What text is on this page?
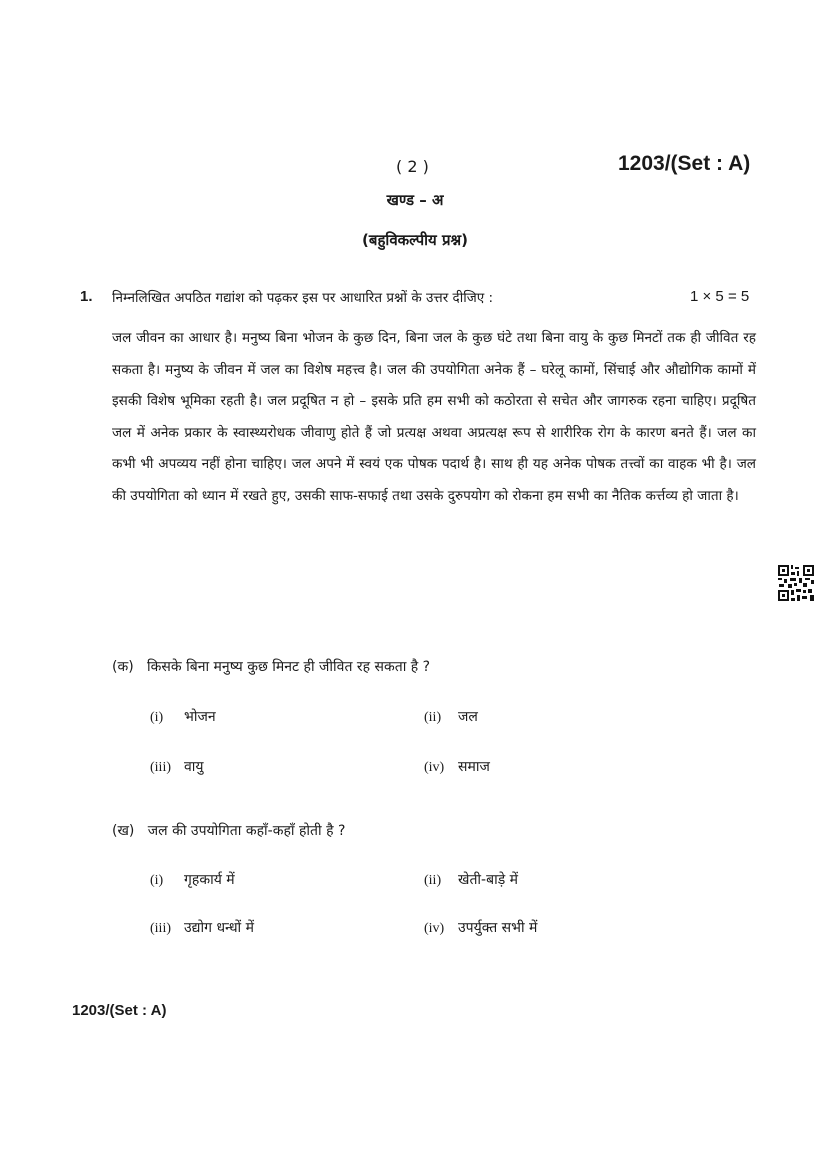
( 2 )	1203/(Set : A)
खण्ड – अ
(बहुविकल्पीय प्रश्न)
1. निम्नलिखित अपठित गद्यांश को पढ़कर इस पर आधारित प्रश्नों के उत्तर दीजिए :	1 × 5 = 5
जल जीवन का आधार है। मनुष्य बिना भोजन के कुछ दिन, बिना जल के कुछ घंटे तथा बिना वायु के कुछ मिनटों तक ही जीवित रह सकता है। मनुष्य के जीवन में जल का विशेष महत्त्व है। जल की उपयोगिता अनेक हैं – घरेलू कामों, सिंचाई और औद्योगिक कामों में इसकी विशेष भूमिका रहती है। जल प्रदूषित न हो – इसके प्रति हम सभी को कठोरता से सचेत और जागरुक रहना चाहिए। प्रदूषित जल में अनेक प्रकार के स्वास्थ्यरोधक जीवाणु होते हैं जो प्रत्यक्ष अथवा अप्रत्यक्ष रूप से शारीरिक रोग के कारण बनते हैं। जल का कभी भी अपव्यय नहीं होना चाहिए। जल अपने में स्वयं एक पोषक पदार्थ है। साथ ही यह अनेक पोषक तत्त्वों का वाहक भी है। जल की उपयोगिता को ध्यान में रखते हुए, उसकी साफ-सफाई तथा उसके दुरुपयोग को रोकना हम सभी का नैतिक कर्त्तव्य हो जाता है।
(क) किसके बिना मनुष्य कुछ मिनट ही जीवित रह सकता है ?
(i) भोजन	(ii) जल
(iii) वायु	(iv) समाज
(ख) जल की उपयोगिता कहाँ-कहाँ होती है ?
(i) गृहकार्य में	(ii) खेती-बाड़े में
(iii) उद्योग धन्धों में	(iv) उपर्युक्त सभी में
1203/(Set : A)
